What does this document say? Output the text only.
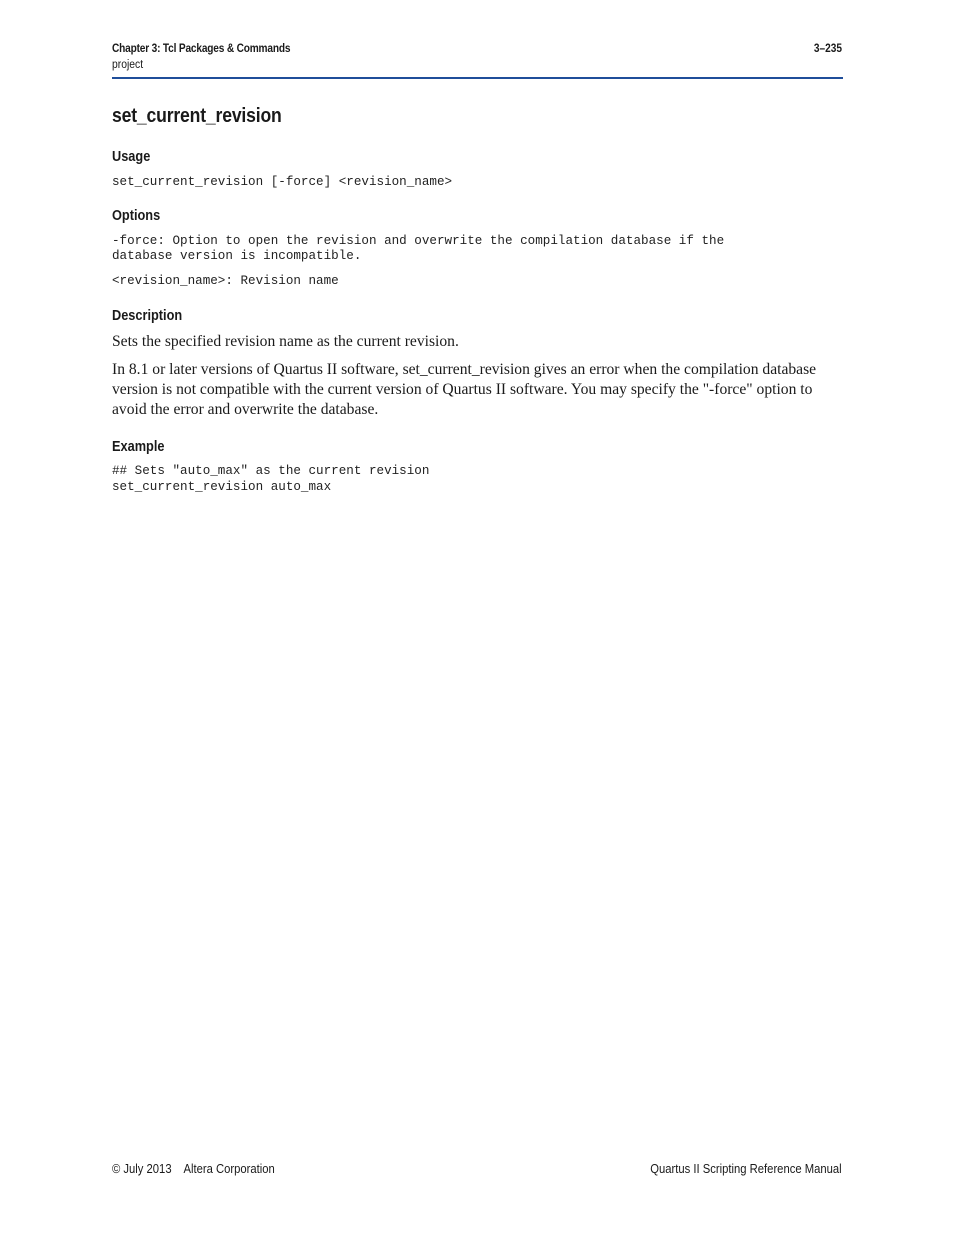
Chapter 3: Tcl Packages & Commands	3–235
project
set_current_revision
Usage
set_current_revision [-force] <revision_name>
Options
-force: Option to open the revision and overwrite the compilation database if the
database version is incompatible.
<revision_name>: Revision name
Description

Sets the specified revision name as the current revision.

In 8.1 or later versions of Quartus II software, set_current_revision gives an error when the compilation database version is not compatible with the current version of Quartus II software. You may specify the "-force" option to avoid the error and overwrite the database.

Example
## Sets "auto_max" as the current revision
set_current_revision auto_max
© July 2013    Altera Corporation	Quartus II Scripting Reference Manual
